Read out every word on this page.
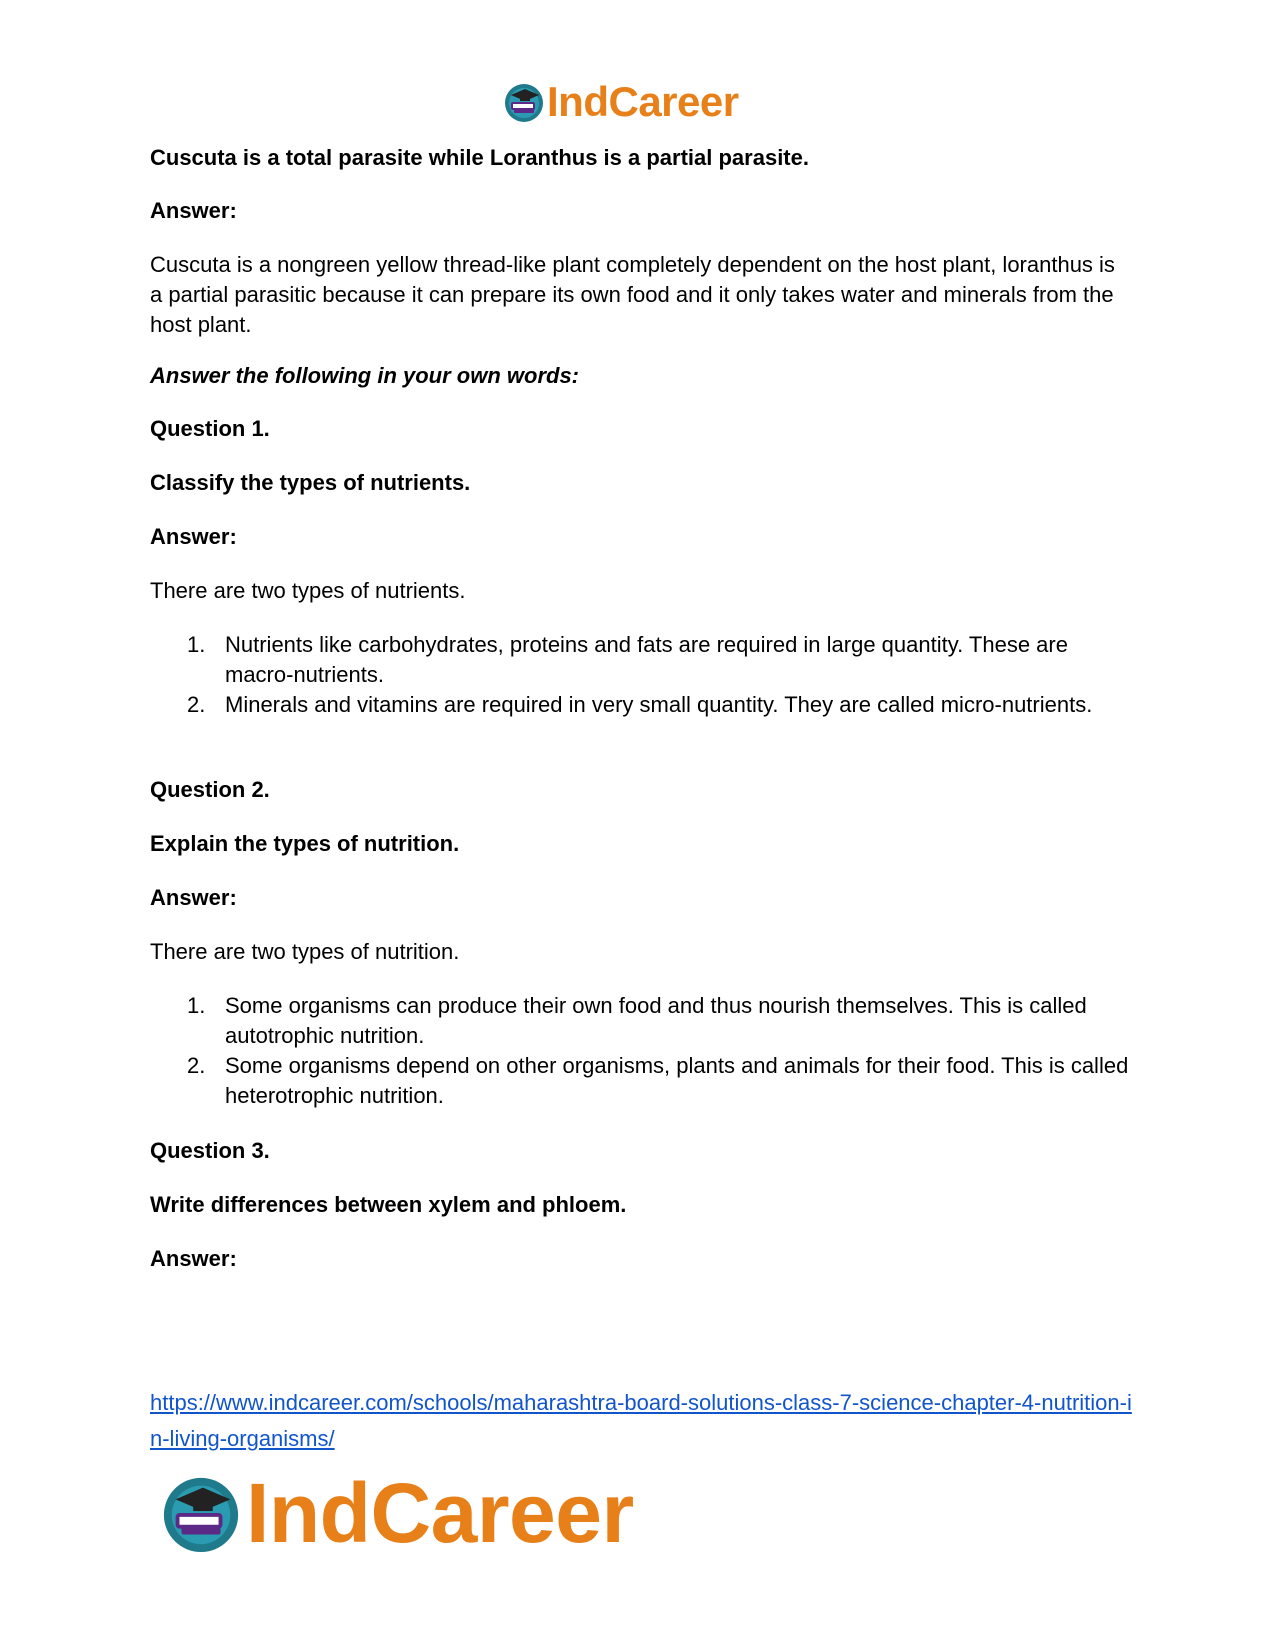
IndCareer

Cuscuta is a total parasite while Loranthus is a partial parasite.

Answer:

Cuscuta is a nongreen yellow thread-like plant completely dependent on the host plant, loranthus is a partial parasitic because it can prepare its own food and it only takes water and minerals from the host plant.

Answer the following in your own words:

Question 1.

Classify the types of nutrients.

Answer:

There are two types of nutrients.

1. Nutrients like carbohydrates, proteins and fats are required in large quantity. These are macro-nutrients.
2. Minerals and vitamins are required in very small quantity. They are called micro-nutrients.

Question 2.

Explain the types of nutrition.

Answer:

There are two types of nutrition.

1. Some organisms can produce their own food and thus nourish themselves. This is called autotrophic nutrition.
2. Some organisms depend on other organisms, plants and animals for their food. This is called heterotrophic nutrition.

Question 3.

Write differences between xylem and phloem.

Answer:

https://www.indcareer.com/schools/maharashtra-board-solutions-class-7-science-chapter-4-nutrition-in-living-organisms/
IndCareer
